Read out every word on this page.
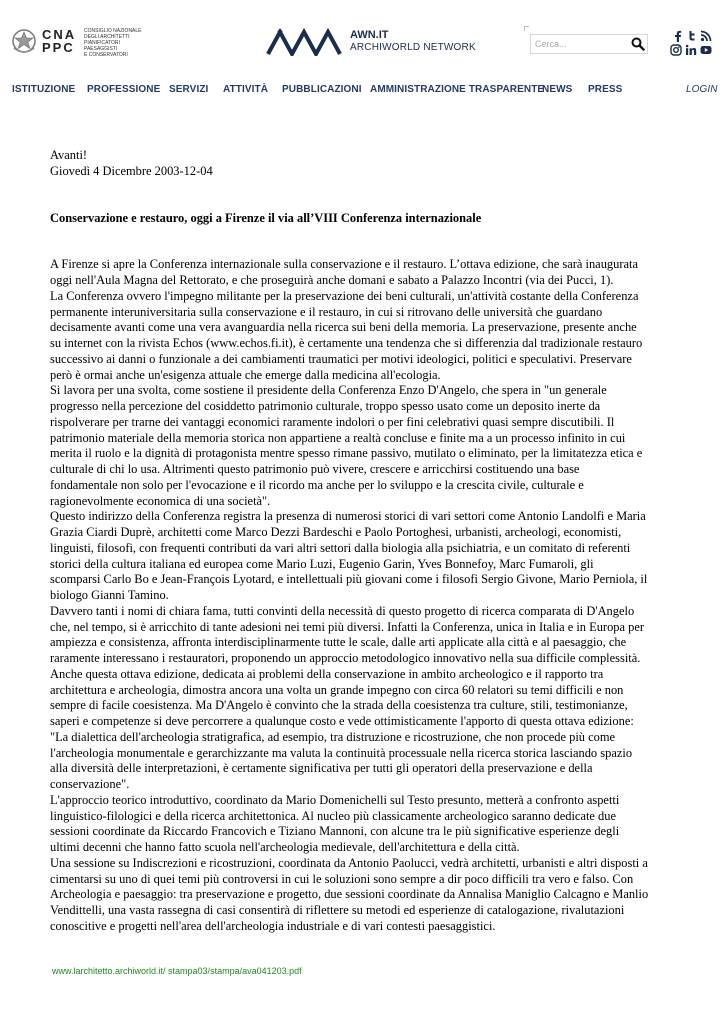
CNA
PPC
CONSIGLIO NAZIONALE
DEGLI ARCHITETTI
PIANIFICATORI
PAESAGGISTI
E CONSERVATORI
AWN.IT
ARCHIWORLD NETWORK
Cerca...
ISTITUZIONE PROFESSIONE SERVIZI ATTIVITÀ PUBBLICAZIONI AMMINISTRAZIONE TRASPARENTE
NEWS PRESS	LOGIN

Avanti!

Giovedì 4 Dicembre 2003-12-04

Conservazione e restauro, oggi a Firenze il via all’VIII Conferenza internazionale

A Firenze si apre la Conferenza internazionale sulla conservazione e il restauro. L’ottava edizione, che sarà inaugurata

oggi nell'Aula Magna del Rettorato, e che proseguirà anche domani e sabato a Palazzo Incontri (via dei Pucci, 1).

La Conferenza ovvero l'impegno militante per la preservazione dei beni culturali, un'attività costante della Conferenza

permanente interuniversitaria sulla conservazione e il restauro, in cui si ritrovano delle università che guardano

decisamente avanti come una vera avanguardia nella ricerca sui beni della memoria. La preservazione, presente anche

su internet con la rivista Echos (www.echos.fi.it), è certamente una tendenza che si differenzia dal tradizionale restauro

successivo ai danni o funzionale a dei cambiamenti traumatici per motivi ideologici, politici e speculativi. Preservare

però è ormai anche un'esigenza attuale che emerge dalla medicina all'ecologia.

Si lavora per una svolta, come sostiene il presidente della Conferenza Enzo D'Angelo, che spera in "un generale

progresso nella percezione del cosiddetto patrimonio culturale, troppo spesso usato come un deposito inerte da

rispolverare per trarne dei vantaggi economici raramente indolori o per fini celebrativi quasi sempre discutibili. Il

patrimonio materiale della memoria storica non appartiene a realtà concluse e finite ma a un processo infinito in cui

merita il ruolo e la dignità di protagonista mentre spesso rimane passivo, mutilato o eliminato, per la limitatezza etica e

culturale di chi lo usa. Altrimenti questo patrimonio può vivere, crescere e arricchirsi costituendo una base

fondamentale non solo per l'evocazione e il ricordo ma anche per lo sviluppo e la crescita civile, culturale e

ragionevolmente economica di una società".

Questo indirizzo della Conferenza registra la presenza di numerosi storici di vari settori come Antonio Landolfi e Maria

Grazia Ciardi Duprè, architetti come Marco Dezzi Bardeschi e Paolo Portoghesi, urbanisti, archeologi, economisti,

linguisti, filosofi, con frequenti contributi da vari altri settori dalla biologia alla psichiatria, e un comitato di referenti

storici della cultura italiana ed europea come Mario Luzi, Eugenio Garin, Yves Bonnefoy, Marc Fumaroli, gli

scomparsi Carlo Bo e Jean-François Lyotard, e intellettuali più giovani come i filosofi Sergio Givone, Mario Perniola, il

biologo Gianni Tamino.

Davvero tanti i nomi di chiara fama, tutti convinti della necessità di questo progetto di ricerca comparata di D'Angelo

che, nel tempo, si è arricchito di tante adesioni nei temi più diversi. Infatti la Conferenza, unica in Italia e in Europa per

ampiezza e consistenza, affronta interdisciplinarmente tutte le scale, dalle arti applicate alla città e al paesaggio, che

raramente interessano i restauratori, proponendo un approccio metodologico innovativo nella sua difficile complessità.

Anche questa ottava edizione, dedicata ai problemi della conservazione in ambito archeologico e il rapporto tra

architettura e archeologia, dimostra ancora una volta un grande impegno con circa 60 relatori su temi difficili e non

sempre di facile coesistenza. Ma D'Angelo è convinto che la strada della coesistenza tra culture, stili, testimonianze,

saperi e competenze si deve percorrere a qualunque costo e vede ottimisticamente l'apporto di questa ottava edizione:

"La dialettica dell'archeologia stratigrafica, ad esempio, tra distruzione e ricostruzione, che non procede più come

l'archeologia monumentale e gerarchizzante ma valuta la continuità processuale nella ricerca storica lasciando spazio

alla diversità delle interpretazioni, è certamente significativa per tutti gli operatori della preservazione e della

conservazione".

L'approccio teorico introduttivo, coordinato da Mario Domenichelli sul Testo presunto, metterà a confronto aspetti

linguistico-filologici e della ricerca architettonica. Al nucleo più classicamente archeologico saranno dedicate due

sessioni coordinate da Riccardo Francovich e Tiziano Mannoni, con alcune tra le più significative esperienze degli

ultimi decenni che hanno fatto scuola nell'archeologia medievale, dell'architettura e della città.

Una sessione su Indiscrezioni e ricostruzioni, coordinata da Antonio Paolucci, vedrà architetti, urbanisti e altri disposti a

cimentarsi su uno di quei temi più controversi in cui le soluzioni sono sempre a dir poco difficili tra vero e falso. Con

Archeologia e paesaggio: tra preservazione e progetto, due sessioni coordinate da Annalisa Maniglio Calcagno e Manlio

Vendittelli, una vasta rassegna di casi consentirà di riflettere su metodi ed esperienze di catalogazione, rivalutazioni

conoscitive e progetti nell'area dell'archeologia industriale e di vari contesti paesaggistici.

www.larchitetto.archiworld.it/ stampa03/stampa/ava041203.pdf
